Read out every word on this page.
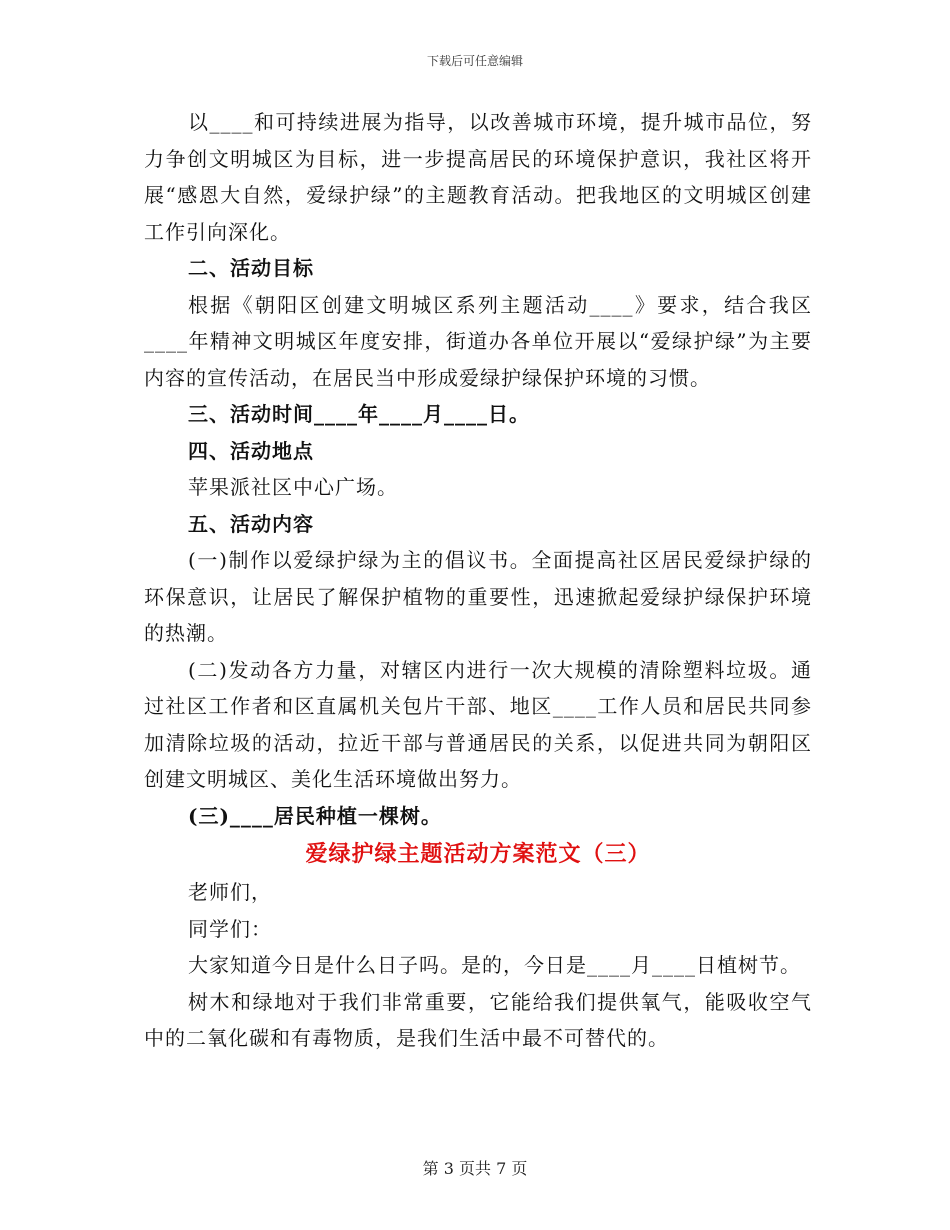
下载后可任意编辑

以____和可持续进展为指导，以改善城市环境，提升城市品位，努力争创文明城区为目标，进一步提高居民的环境保护意识，我社区将开展“感恩大自然，爱绿护绿”的主题教育活动。把我地区的文明城区创建工作引向深化。

二、活动目标

根据《朝阳区创建文明城区系列主题活动____》要求，结合我区____年精神文明城区年度安排，街道办各单位开展以“爱绿护绿”为主要内容的宣传活动，在居民当中形成爱绿护绿保护环境的习惯。

三、活动时间____年____月____日。

四、活动地点

苹果派社区中心广场。

五、活动内容

(一)制作以爱绿护绿为主的倡议书。全面提高社区居民爱绿护绿的环保意识，让居民了解保护植物的重要性，迅速掀起爱绿护绿保护环境的热潮。

(二)发动各方力量，对辖区内进行一次大规模的清除塑料垃圾。通过社区工作者和区直属机关包片干部、地区____工作人员和居民共同参加清除垃圾的活动，拉近干部与普通居民的关系，以促进共同为朝阳区创建文明城区、美化生活环境做出努力。

(三)____居民种植一棵树。

爱绿护绿主题活动方案范文（三）

老师们，

同学们：

大家知道今日是什么日子吗。是的，今日是____月____日植树节。

树木和绿地对于我们非常重要，它能给我们提供氧气，能吸收空气中的二氧化碳和有毒物质，是我们生活中最不可替代的。

第 3 页共 7 页
